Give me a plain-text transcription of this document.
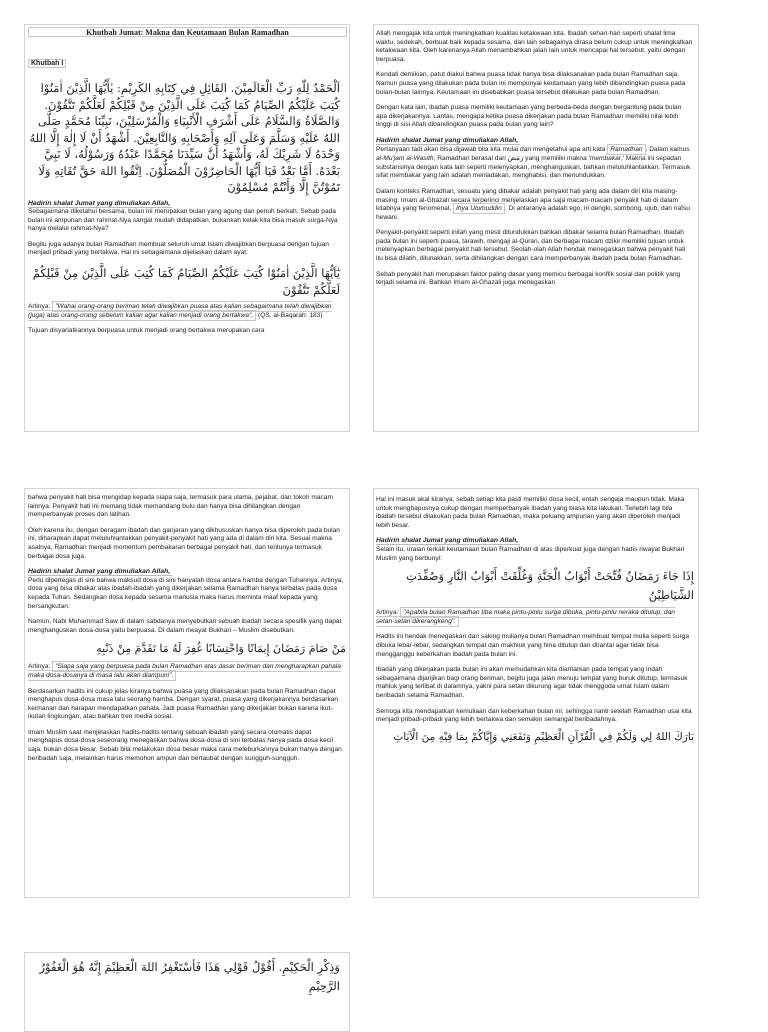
Khutbah Jumat: Makna dan Keutamaan Bulan Ramadhan
Khutbah I
اَلْحَمْدُ لِلّٰهِ رَبِّ الْعَالَمِيْنَ. القَائِلِ فِي كِتَابِهِ الكَرِيْمِ: يٰأَيُّهَا الَّذِيْنَ اٰمَنُوْا كُتِبَ عَلَيْكُمُ الصِّيَامُ كَمَا كُتِبَ عَلَى الَّذِيْنَ مِنْ قَبْلِكُمْ لَعَلَّكُمْ تَتَّقُوْنَ. وَالصَّلَاةُ وَالسَّلَامُ عَلَى أَشْرَفِ الْأَنْبِيَاءِ وَالْمُرْسَلِيْنَ، نَبِيِّنَا مُحَمَّدٍ صَلَّى اللهُ عَلَيْهِ وَسَلَّمَ وَعَلَى آلِهِ وَأَصْحَابِهِ وَالتَّابِعِيْنَ. أَشْهَدُ أَنْ لَا إِلٰهَ إِلَّا اللهُ وَحْدَهُ لَا شَرِيْكَ لَهُ، وَأَشْهَدُ أَنَّ سَيِّدَنَا مُحَمَّدًا عَبْدُهُ وَرَسُوْلُهُ، لَا نَبِيَّ بَعْدَهُ. أَمَّا بَعْدُ فَيَا أَيُّهَا الْحَاضِرُوْنَ الْمُصَلُّوْنَ. اِتَّقُوا اللهَ حَقَّ تُقَاتِهِ وَلَا تَمُوْتُنَّ إِلَّا وَأَنْتُمْ مُسْلِمُوْنَ

Hadirin shalat Jumat yang dimuliakan Allah,

Sebagaimana diketahui bersama, bulan ini merupakan bulan yang agung dan penuh berkah. Sebab pada bulan ini ampunan dan rahmat-Nya sangat mudah didapatkan, bukankah kelak kita bisa masuk surga-Nya hanya melalui rahmat-Nya?

Begitu juga adanya bulan Ramadhan membuat seluruh umat Islam diwajibkan berpuasa dengan tujuan menjadi pribadi yang bertakwa. Hal ini sebagaimana dijelaskan dalam ayat:

يٰٓاَيُّهَا الَّذِيْنَ اٰمَنُوْا كُتِبَ عَلَيْكُمُ الصِّيَامُ كَمَا كُتِبَ عَلَى الَّذِيْنَ مِنْ قَبْلِكُمْ لَعَلَّكُمْ تَتَّقُوْنَ

Artinya: "Wahai orang-orang beriman telah diwajibkan puasa atas kalian sebagaimana telah diwajibkan (juga) atas orang-orang sebelum kalian agar kalian menjadi orang bertakwa", (QS. al-Baqarah: 183)

Tujuan disyariatkannya berpuasa untuk menjadi orang bertakwa merupakan cara

Allah mengajak kita untuk meningkatkan kualitas ketakwaan kita. Ibadah sehari-hari seperti shalat lima waktu, sedekah, berbuat baik kepada sesama, dan lain sebagainya dirasa belum cukup untuk meningkatkan ketakwaan kita. Oleh karenanya Allah menambahkan jalan lain untuk mencapai hal tersebut, yaitu dengan berpuasa.

Kendati demikian, patut diakui bahwa puasa tidak hanya bisa dilaksanakan pada bulan Ramadhan saja. Namun puasa yang dilakukan pada bulan ini mempunyai keutamaan yang lebih dibandingkan puasa pada bulan-bulan lainnya. Keutamaan ini disebabkan puasa tersebut dilakukan pada bulan Ramadhan.

Dengan kata lain, ibadah puasa memiliki keutamaan yang berbeda-beda dengan bergantung pada bulan apa dikerjakannya. Lantas, mengapa ketika puasa dikerjakan pada bulan Ramadhan memiliki nilai lebih tinggi di sisi Allah dibandingkan puasa pada bulan yang lain?

Hadirin shalat Jumat yang dimuliakan Allah,

Pertanyaan tadi akan bisa dijawab bila kita mulai dari mengetahui apa arti kata Ramadhan . Dalam kamus al-Mu'jam al-Wasith, Ramadhan berasal dari رَمَضَ yang memiliki makna 'membakar,' Makna ini sepadan substansinya dengan kata lain seperti melenyapkan, menghanguskan, bahkan meluluhlantakkan. Termasuk sifat membakar yang lain adalah meniadakan, menghabisi, dan menundukkan.

Dalam konteks Ramadhan, sesuatu yang dibakar adalah penyakit hati yang ada dalam diri kita masing-masing. Imam al-Ghazali secara terperinci menjelaskan apa saja macam-macam penyakit hati di dalam kitabnya yang fenomenal, Ihya Ulumuddin . Di antaranya adalah ego, iri dengki, sombong, ujub, dan nafsu hewani.

Penyakit-penyakit seperti inilah yang mesti ditundukkan bahkan dibakar selama bulan Ramadhan. Ibadah pada bulan ini seperti puasa, tarawih, mengaji al-Quran, dan berbagai macam dzikir memiliki tujuan untuk melenyapkan berbagai penyakit hati tersebut. Seolah-olah Allah hendak menegaskan bahwa penyakit hati itu bisa dilatih, dilunakkan, serta dihilangkan dengan cara memperbanyak ibadah pada bulan Ramadhan.

Sebab penyakit hati merupakan faktor paling dasar yang memicu berbagai konflik sosial dan politik yang terjadi selama ini. Bahkan Imam al-Ghazali juga menegaskan

bahwa penyakit hati bisa mengidap kepada siapa saja, termasuk para ulama, pejabat, dan tokoh macam lainnya. Penyakit hati ini memang tidak memandang bulu dan hanya bisa dihilangkan dengan memperbanyak proses dan latihan.

Oleh karena itu, dengan beragam ibadah dan ganjaran yang dikhususkan hanya bisa diperoleh pada bulan ini, diharapkan dapat meluluhlantakkan penyakit-penyakit hati yang ada di dalam diri kita. Sesuai makna asalnya, Ramadhan menjadi momentum pembakaran berbagai penyakit hati, dan tentunya termasuk berbagai dosa juga.

Hadirin shalat Jumat yang dimuliakan Allah,

Perlu dipertegas di sini bahwa maksud dosa di sini hanyalah dosa antara hamba dengan Tuhannya. Artinya, dosa yang bisa dibakar atas ibadah-ibadah yang dikerjakan selama Ramadhan hanya terbatas pada dosa kepada Tuhan. Sedangkan dosa kepada sesama manusia maka harus meminta maaf kepada yang bersangkutan.

Namun, Nabi Muhammad Saw di dalam sabdanya menyebutkan sebuah ibadah secara spesifik yang dapat menghanguskan dosa-dosa yaitu berpuasa. Di dalam riwayat Bukhari – Muslim disebutkan:

مَنْ صَامَ رَمَضَانَ إِيمَانًا وَاحْتِسَابًا غُفِرَ لَهُ مَا تَقَدَّمَ مِنْ ذَنْبِهِ

Artinya: "Siapa saja yang berpuasa pada bulan Ramadhan atas dasar beriman dan mengharapkan pahala maka dosa-dosanya di masa lalu akan diampuni".

Berdasarkan hadits ini cukup jelas kiranya bahwa puasa yang dilaksanakan pada bulan Ramadhan dapat menghapus dosa-dosa masa lalu seorang hamba. Dengan syarat, puasa yang dikerjakannya berdasarkan keimanan dan harapan mendapatkan pahala. Jadi puasa Ramadhan yang dikerjakan bukan karena ikut-ikutan lingkungan, atau bahkan tren media sosial.

Imam Muslim saat menjelaskan hadits-hadits tentang sebuah ibadah yang secara otomatis dapat menghapus dosa-dosa seseorang menegaskan bahwa dosa-dosa di sini terbatas hanya pada dosa kecil saja, bukan dosa besar. Sebab bila melakukan dosa besar maka cara meleburkannya bukan hanya dengan beribadah saja, melainkan harus memohon ampun dan bertaubat dengan sungguh-sungguh.

Hal ini masuk akal kiranya, sebab setiap kita pasti memiliki dosa kecil, entah sengaja maupun tidak. Maka untuk menghapusnya cukup dengan memperbanyak ibadah yang biasa kita lakukan. Terlebih lagi bila ibadah tersebut dilakukan pada bulan Ramadhan, maka peluang ampunan yang akan diperoleh menjadi lebih besar.

Hadirin shalat Jumat yang dimuliakan Allah,

Selain itu, uraian terkait keutamaan bulan Ramadhan di atas diperkuat juga dengan hadis riwayat Bukhari Muslim yang berbunyi:

إِذَا جَاءَ رَمَضَانُ فُتِّحَتْ أَبْوَابُ الْجَنَّةِ وَغُلِّقَتْ أَبْوَابُ النَّارِ وَصُفِّدَتِ الشَّيَاطِيْنُ

Artinya: "Apabila bulan Ramadhan tiba maka pintu-pintu surga dibuka, pintu-pintu neraka ditutup, dan setan-setan dikerangkeng".

Hadits ini hendak menegaskan dari saking mulianya bulan Ramadhan membuat tempat mulia seperti surga dibuka lebar-lebar, sedangkan tempat dan makhluk yang hina ditutup dan dirantai agar tidak bisa mengganggu keberkahan ibadah pada bulan ini.

Ibadah yang dikerjakan pada bulan ini akan memudahkan kita diantarkan pada tempat yang indah sebagaimana dijanjikan bagi orang beriman, begitu juga jalan menuju tempat yang buruk ditutup, termasuk mahluk yang terlibat di dalamnya, yakni para setan dikurung agar tidak menggoda umat Islam dalam beribadah selama Ramadhan.

Semoga kita mendapatkan kemuliaan dan keberkahan bulan ini, sehingga nanti setelah Ramadhan usai kita menjadi pribadi-pribadi yang lebih bertakwa dan semakin semangat beribadahnya.

بَارَكَ اللهُ لِي وَلَكُمْ فِي الْقُرْآنِ الْعَظِيْمِ وَنَفَعَنِي وَإِيَّاكُمْ بِمَا فِيْهِ مِنَ الْآيَاتِ
وَذِكْرِ الْحَكِيْمِ. أَقُوْلُ قَوْلِي هَذَا فَأسْتَغْفِرُ اللهَ الْعَظِيْمَ إِنَّهُ هُوَ الْغَفُوْرُ الرَّحِيْمِ
